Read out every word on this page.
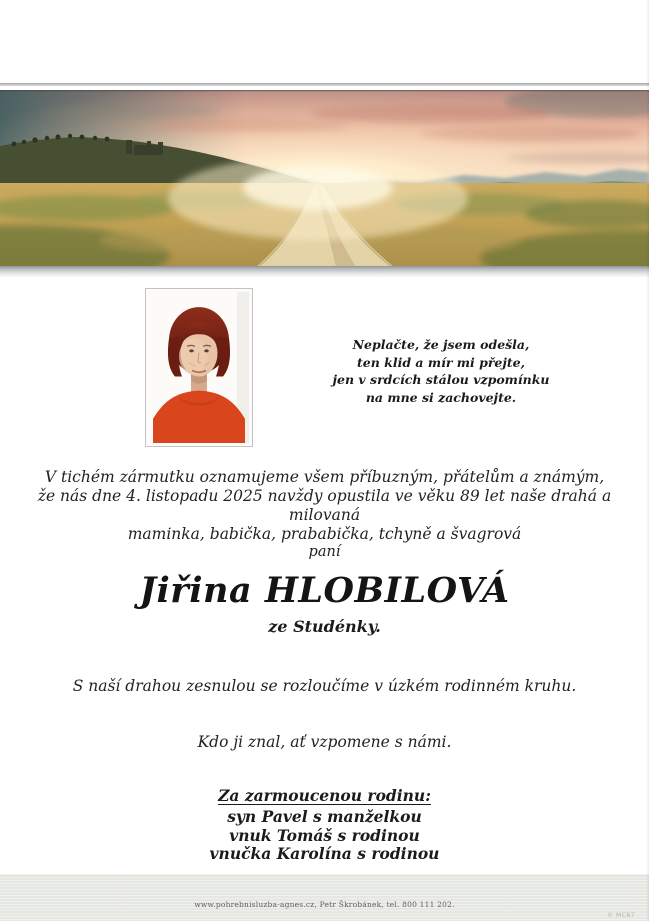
Neplačte, že jsem odešla,
ten klid a mír mi přejte,
jen v srdcích stálou vzpomínku
na mne si zachovejte.
V tichém zármutku oznamujeme všem příbuzným, přátelům a známým,
že nás dne 4. listopadu 2025 navždy opustila ve věku 89 let naše drahá a milovaná
maminka, babička, prababička, tchyně a švagrová
paní
Jiřina HLOBILOVÁ
ze Studénky.
S naší drahou zesnulou se rozloučíme v úzkém rodinném kruhu.
Kdo ji znal, ať vzpomene s námi.
Za zarmoucenou rodinu:
syn Pavel s manželkou
vnuk Tomáš s rodinou
vnučka Karolína s rodinou
www.pohrebnisluzba-agnes.cz, Petr Škrobánek, tel. 800 111 202.
© MC87
